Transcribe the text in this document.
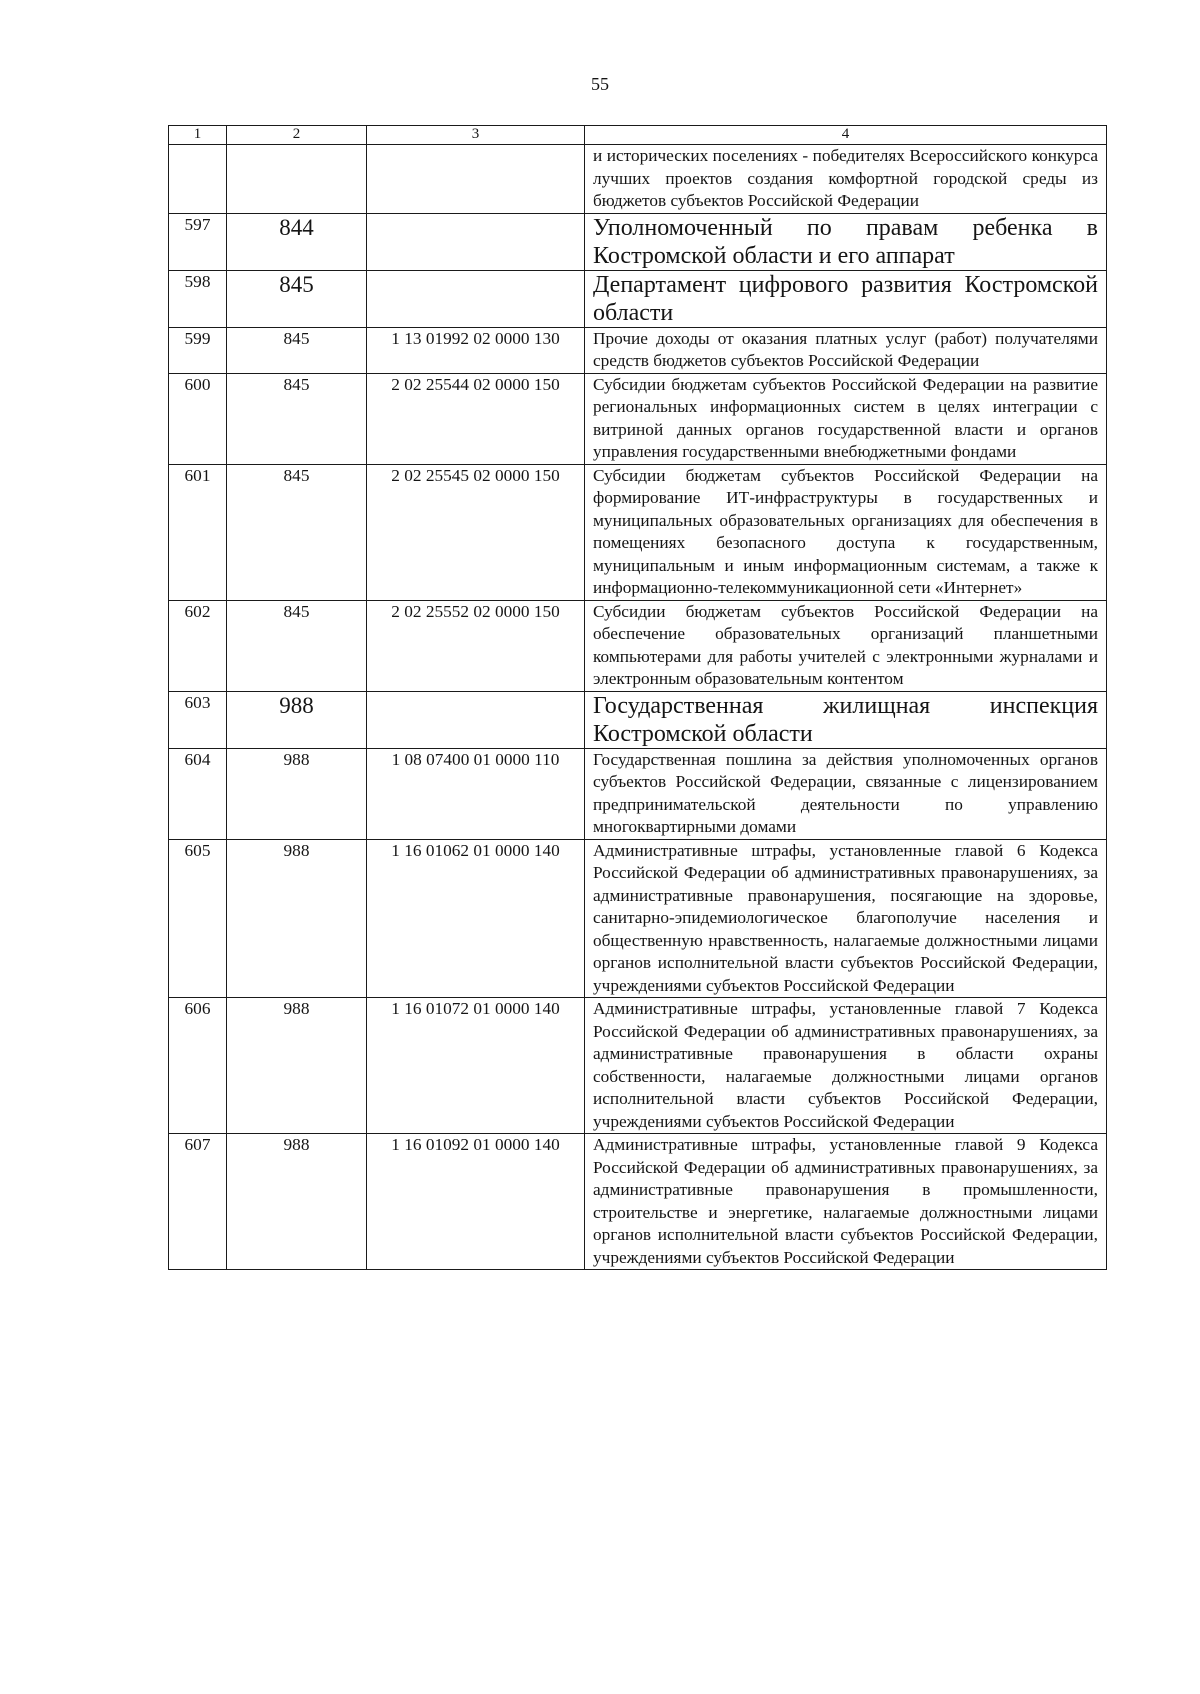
55
1	2	3	4
			и исторических поселениях - победителях Всероссийского конкурса лучших проектов создания комфортной городской среды из бюджетов субъектов Российской Федерации
597	844		Уполномоченный по правам ребенка в Костромской области и его аппарат
598	845		Департамент цифрового развития Костромской области
599	845	1 13 01992 02 0000 130	Прочие доходы от оказания платных услуг (работ) получателями средств бюджетов субъектов Российской Федерации
600	845	2 02 25544 02 0000 150	Субсидии бюджетам субъектов Российской Федерации на развитие региональных информационных систем в целях интеграции с витриной данных органов государственной власти и органов управления государственными внебюджетными фондами
601	845	2 02 25545 02 0000 150	Субсидии бюджетам субъектов Российской Федерации на формирование ИТ-инфраструктуры в государственных и муниципальных образовательных организациях для обеспечения в помещениях безопасного доступа к государственным, муниципальным и иным информационным системам, а также к информационно-телекоммуникационной сети «Интернет»
602	845	2 02 25552 02 0000 150	Субсидии бюджетам субъектов Российской Федерации на обеспечение образовательных организаций планшетными компьютерами для работы учителей с электронными журналами и электронным образовательным контентом
603	988		Государственная жилищная инспекция Костромской области
604	988	1 08 07400 01 0000 110	Государственная пошлина за действия уполномоченных органов субъектов Российской Федерации, связанные с лицензированием предпринимательской деятельности по управлению многоквартирными домами
605	988	1 16 01062 01 0000 140	Административные штрафы, установленные главой 6 Кодекса Российской Федерации об административных правонарушениях, за административные правонарушения, посягающие на здоровье, санитарно-эпидемиологическое благополучие населения и общественную нравственность, налагаемые должностными лицами органов исполнительной власти субъектов Российской Федерации, учреждениями субъектов Российской Федерации
606	988	1 16 01072 01 0000 140	Административные штрафы, установленные главой 7 Кодекса Российской Федерации об административных правонарушениях, за административные правонарушения в области охраны собственности, налагаемые должностными лицами органов исполнительной власти субъектов Российской Федерации, учреждениями субъектов Российской Федерации
607	988	1 16 01092 01 0000 140	Административные штрафы, установленные главой 9 Кодекса Российской Федерации об административных правонарушениях, за административные правонарушения в промышленности, строительстве и энергетике, налагаемые должностными лицами органов исполнительной власти субъектов Российской Федерации, учреждениями субъектов Российской Федерации
